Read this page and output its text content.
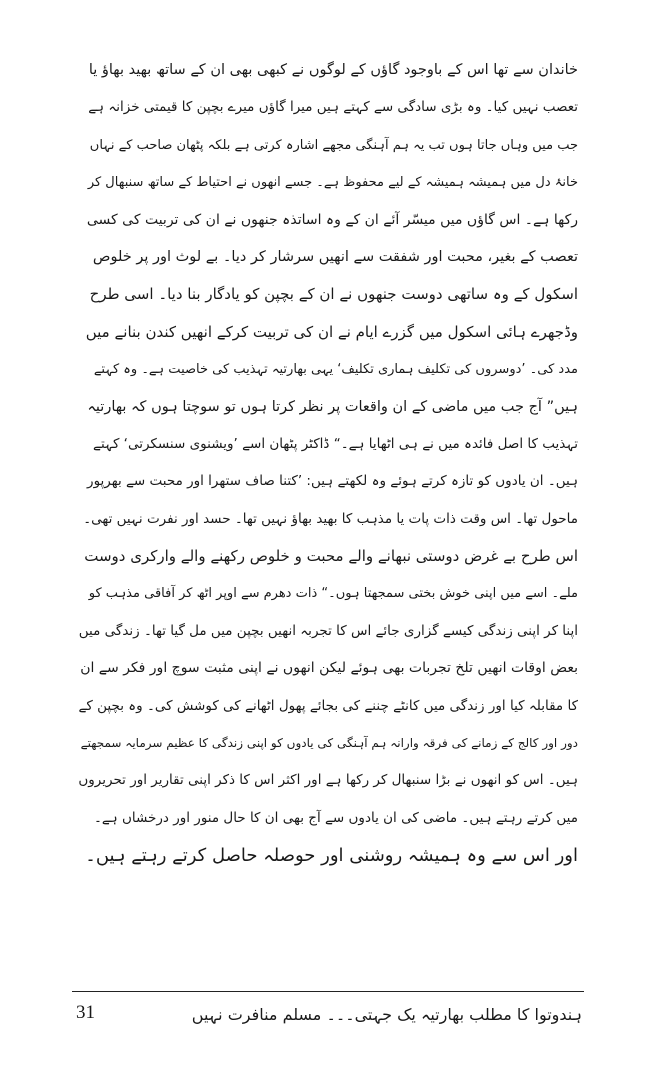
خاندان سے تھا اس کے باوجود گاؤں کے لوگوں نے کبھی بھی ان کے ساتھ بھید بھاؤ یا
تعصب نہیں کیا۔ وہ بڑی سادگی سے کہتے ہیں میرا گاؤں میرے بچپن کا قیمتی خزانہ ہے
جب میں وہاں جاتا ہوں تب یہ ہم آہنگی مجھے اشارہ کرتی ہے بلکہ پٹھان صاحب کے نہاں
خانۂ دل میں ہمیشہ ہمیشہ کے لیے محفوظ ہے۔ جسے انھوں نے احتیاط کے ساتھ سنبھال کر
رکھا ہے۔ اس گاؤں میں میسّر آئے ان کے وہ اساتذہ جنھوں نے ان کی تربیت کی کسی
تعصب کے بغیر، محبت اور شفقت سے انھیں سرشار کر دیا۔ بے لوث اور پر خلوص
اسکول کے وہ ساتھی دوست جنھوں نے ان کے بچپن کو یادگار بنا دیا۔ اسی طرح
وڈجھرے ہائی اسکول میں گزرے ایام نے ان کی تربیت کرکے انھیں کندن بنانے میں
مدد کی۔ ’دوسروں کی تکلیف ہماری تکلیف‘ یہی بھارتیہ تہذیب کی خاصیت ہے۔ وہ کہتے
ہیں” آج جب میں ماضی کے ان واقعات پر نظر کرتا ہوں تو سوچتا ہوں کہ بھارتیہ
تہذیب کا اصل فائدہ میں نے ہی اٹھایا ہے۔“ ڈاکٹر پٹھان اسے ’ویشنوی سنسکرتی‘ کہتے
ہیں۔ ان یادوں کو تازہ کرتے ہوئے وہ لکھتے ہیں: ’کتنا صاف ستھرا اور محبت سے بھرپور
ماحول تھا۔ اس وقت ذات پات یا مذہب کا بھید بھاؤ نہیں تھا۔ حسد اور نفرت نہیں تھی۔
اس طرح بے غرض دوستی نبھانے والے محبت و خلوص رکھنے والے وارکری دوست
ملے۔ اسے میں اپنی خوش بختی سمجھتا ہوں۔“ ذات دھرم سے اوپر اٹھ کر آفاقی مذہب کو
اپنا کر اپنی زندگی کیسے گزاری جائے اس کا تجربہ انھیں بچپن میں مل گیا تھا۔ زندگی میں
بعض اوقات انھیں تلخ تجربات بھی ہوئے لیکن انھوں نے اپنی مثبت سوچ اور فکر سے ان
کا مقابلہ کیا اور زندگی میں کانٹے چننے کی بجائے پھول اٹھانے کی کوشش کی۔ وہ بچپن کے
دور اور کالج کے زمانے کی فرقہ وارانہ ہم آہنگی کی یادوں کو اپنی زندگی کا عظیم سرمایہ سمجھتے
ہیں۔ اس کو انھوں نے بڑا سنبھال کر رکھا ہے اور اکثر اس کا ذکر اپنی تقاریر اور تحریروں
میں کرتے رہتے ہیں۔ ماضی کی ان یادوں سے آج بھی ان کا حال منور اور درخشاں ہے۔
اور اس سے وہ ہمیشہ روشنی اور حوصلہ حاصل کرتے رہتے ہیں۔
ہندوتوا کا مطلب بھارتیہ یک جہتی۔۔۔ مسلم منافرت نہیں
31
